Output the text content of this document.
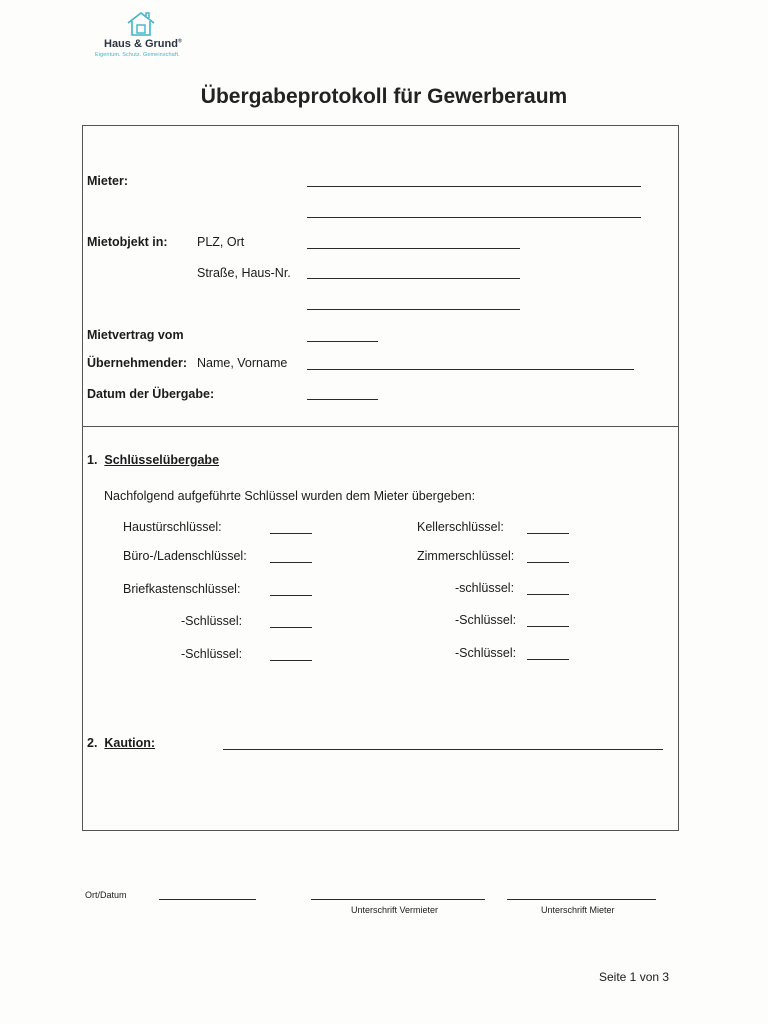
Haus & Grund®
Eigentum. Schutz. Gemeinschaft.
Übergabeprotokoll für Gewerberaum
Mieter:
Mietobjekt in: PLZ, Ort
Straße, Haus-Nr.
Mietvertrag vom
Übernehmender: Name, Vorname
Datum der Übergabe:
1. Schlüsselübergabe
Nachfolgend aufgeführte Schlüssel wurden dem Mieter übergeben:
Haustürschlüssel:
Büro-/Ladenschlüssel:
Briefkastenschlüssel:
-Schlüssel:
-Schlüssel:
Kellerschlüssel:
Zimmerschlüssel:
-schlüssel:
-Schlüssel:
-Schlüssel:
2. Kaution:
Ort/Datum
Unterschrift Vermieter	Unterschrift Mieter
Seite 1 von 3
